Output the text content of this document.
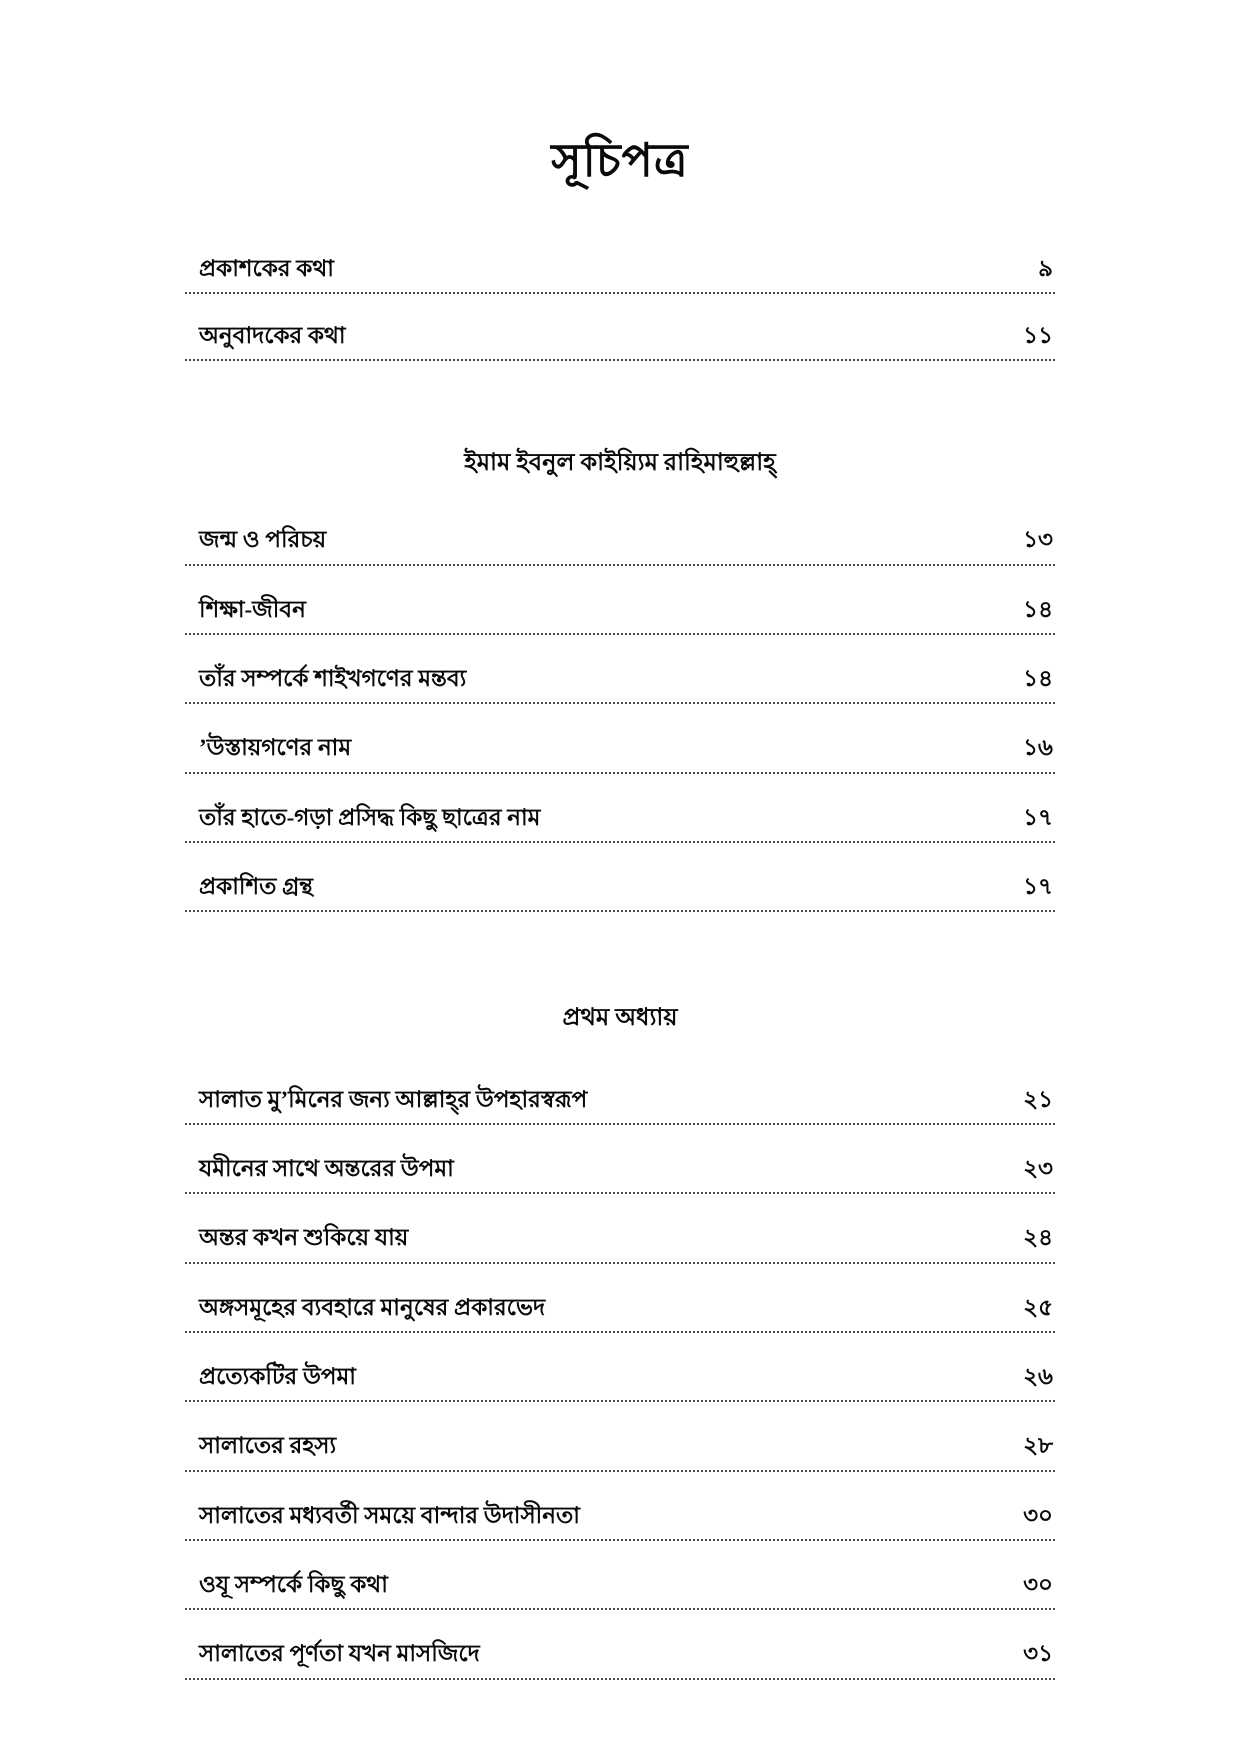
সূচিপত্র
প্রকাশকের কথা	৯
অনুবাদকের কথা	১১
ইমাম ইবনুল কাইয়্যিম রাহিমাহুল্লাহ্
জন্ম ও পরিচয়	১৩
শিক্ষা-জীবন	১৪
তাঁর সম্পর্কে শাইখগণের মন্তব্য	১৪
’উস্তায়গণের নাম	১৬
তাঁর হাতে-গড়া প্রসিদ্ধ কিছু ছাত্রের নাম	১৭
প্রকাশিত গ্রন্থ	১৭
প্রথম অধ্যায়
সালাত মু’মিনের জন্য আল্লাহ্‌র উপহারস্বরূপ	২১
যমীনের সাথে অন্তরের উপমা	২৩
অন্তর কখন শুকিয়ে যায়	২৪
অঙ্গসমূহের ব্যবহারে মানুষের প্রকারভেদ	২৫
প্রত্যেকটির উপমা	২৬
সালাতের রহস্য	২৮
সালাতের মধ্যবর্তী সময়ে বান্দার উদাসীনতা	৩০
ওযূ সম্পর্কে কিছু কথা	৩০
সালাতের পূর্ণতা যখন মাসজিদে	৩১
